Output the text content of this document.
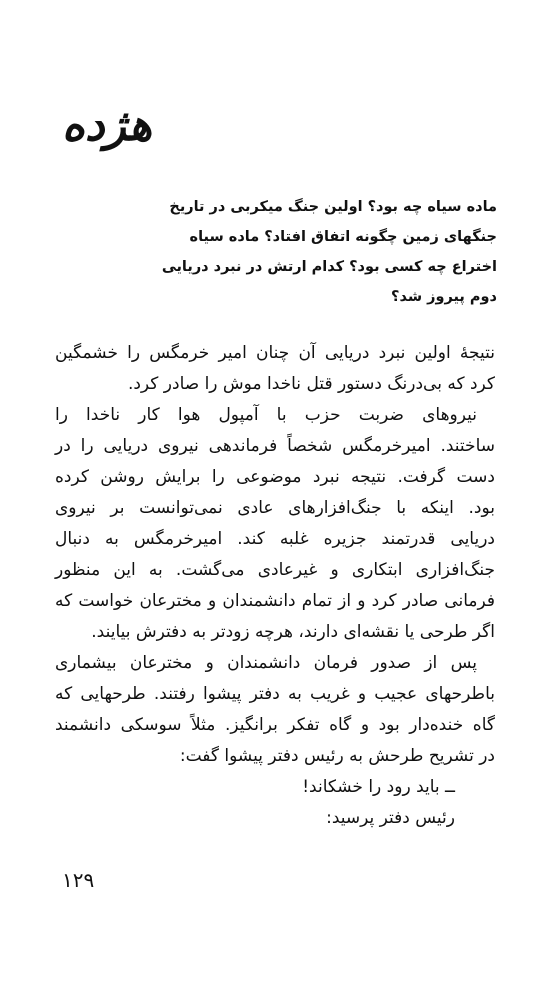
هژده
ماده سیاه چه بود؟ اولین جنگ میکربی در تاریخ
جنگهای زمین چگونه اتفاق افتاد؟ ماده سیاه
اختراع چه کسی بود؟ کدام ارتش در نبرد دریایی
دوم پیروز شد؟
نتیجهٔ اولین نبرد دریایی آن چنان امیر خرمگس را خشمگین
کرد که بی‌درنگ دستور قتل ناخدا موش را صادر کرد.
نیروهای ضربت حزب با آمپول هوا کار ناخدا را
ساختند. امیرخرمگس شخصاً فرماندهی نیروی دریایی را در
دست گرفت. نتیجه نبرد موضوعی را برایش روشن کرده
بود. اینکه با جنگ‌افزارهای عادی نمی‌توانست بر نیروی
دریایی قدرتمند جزیره غلبه کند. امیرخرمگس به دنبال
جنگ‌افزاری ابتکاری و غیرعادی می‌گشت. به این منظور
فرمانی صادر کرد و از تمام دانشمندان و مخترعان خواست که
اگر طرحی یا نقشه‌ای دارند، هرچه زودتر به دفترش بیایند.
پس از صدور فرمان دانشمندان و مخترعان بیشماری
باطرحهای عجیب و غریب به دفتر پیشوا رفتند. طرحهایی که
گاه خنده‌دار بود و گاه تفکر برانگیز. مثلاً سوسکی دانشمند
در تشریح طرحش به رئیس دفتر پیشوا گفت:
ــ باید رود را خشکاند!
رئیس دفتر پرسید:
۱۲۹
